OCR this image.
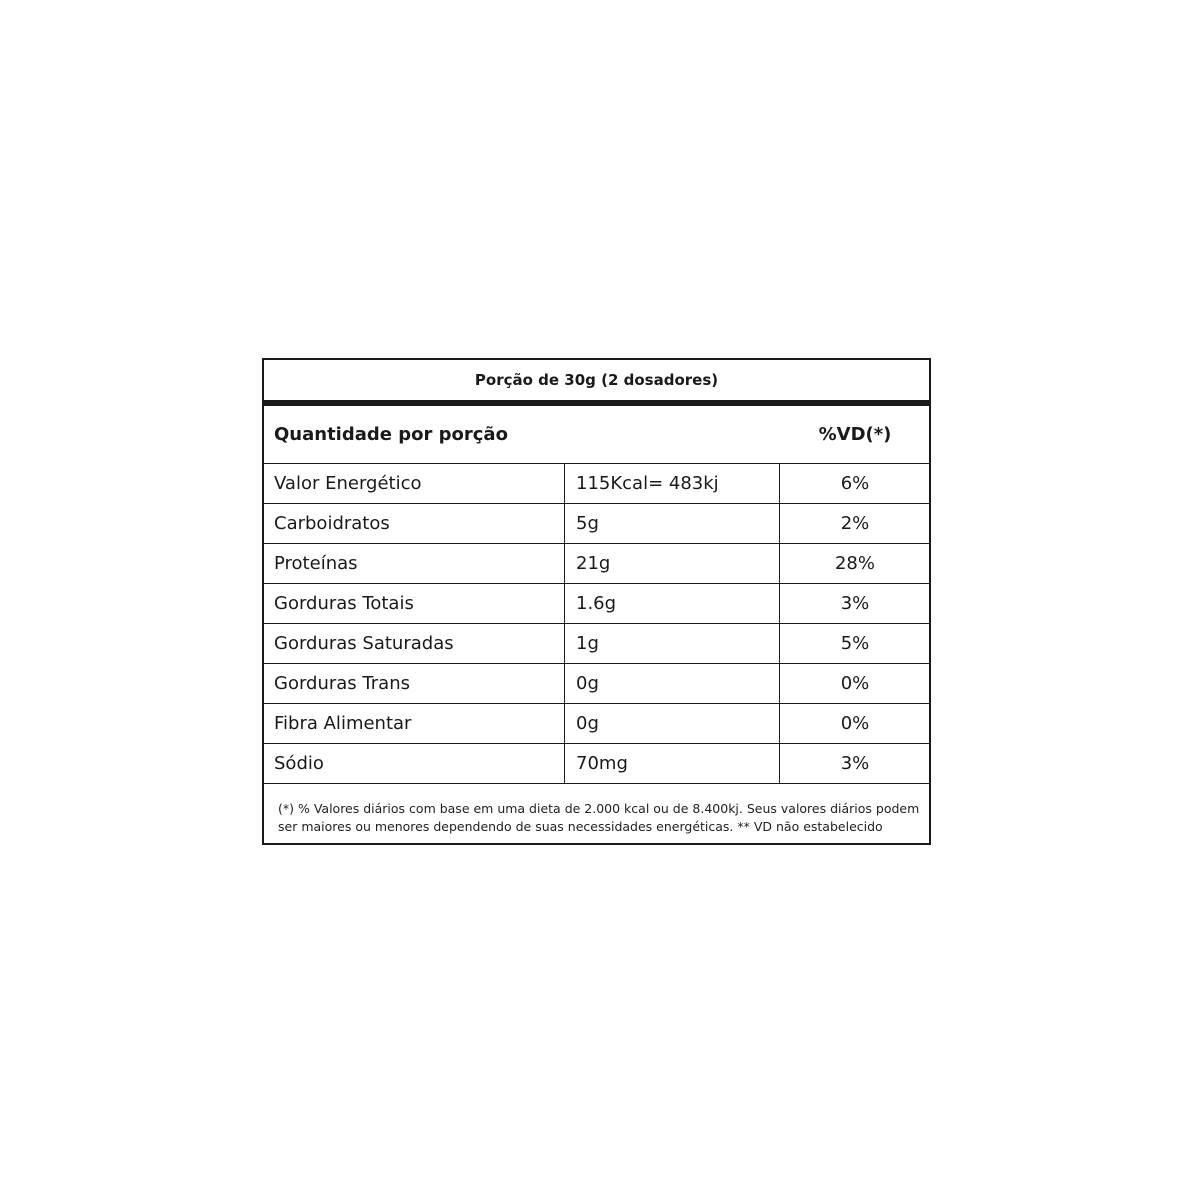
Porção de 30g (2 dosadores)
Quantidade por porção	%VD(*)
Valor Energético	115Kcal= 483kj	6%
Carboidratos	5g	2%
Proteínas	21g	28%
Gorduras Totais	1.6g	3%
Gorduras Saturadas	1g	5%
Gorduras Trans	0g	0%
Fibra Alimentar	0g	0%
Sódio	70mg	3%
(*) % Valores diários com base em uma dieta de 2.000 kcal ou de 8.400kj. Seus valores diários podem ser maiores ou menores dependendo de suas necessidades energéticas. ** VD não estabelecido
